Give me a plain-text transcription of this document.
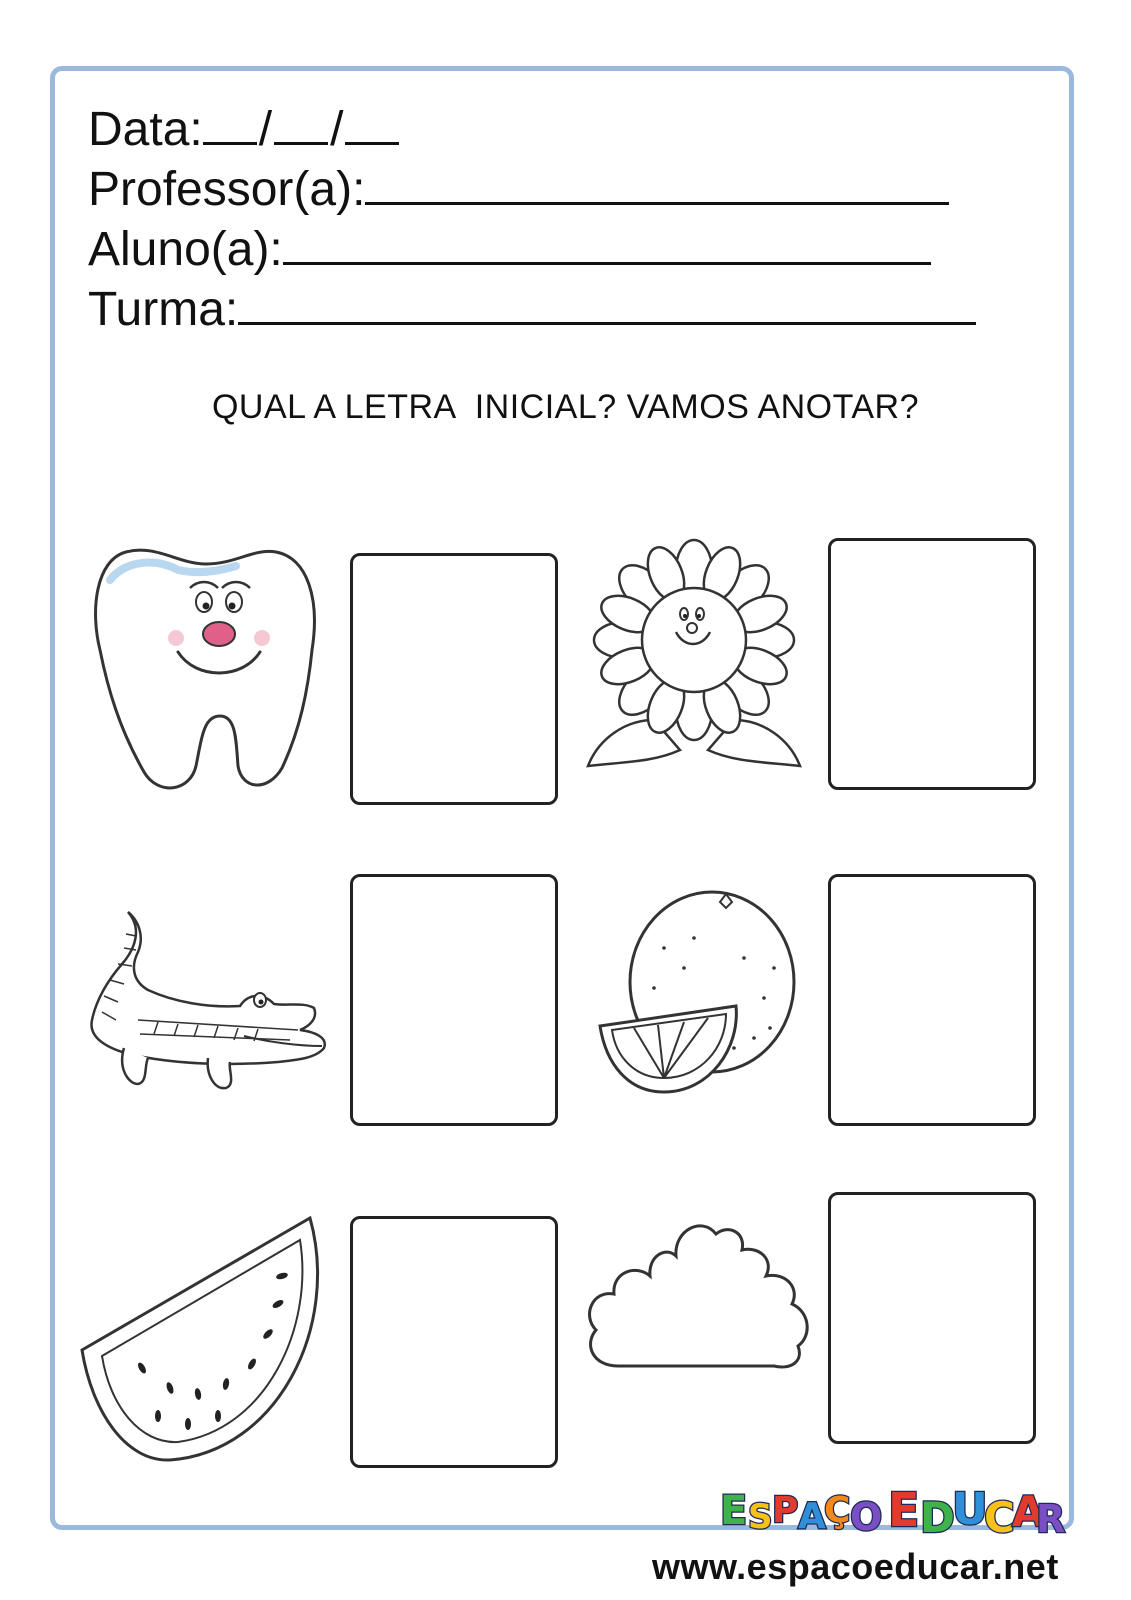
Data: / /
Professor(a):
Aluno(a):
Turma:
QUAL A LETRA  INICIAL? VAMOS ANOTAR?
E S P A
Ç O E D
U
C
A
R
www.espacoeducar.net
